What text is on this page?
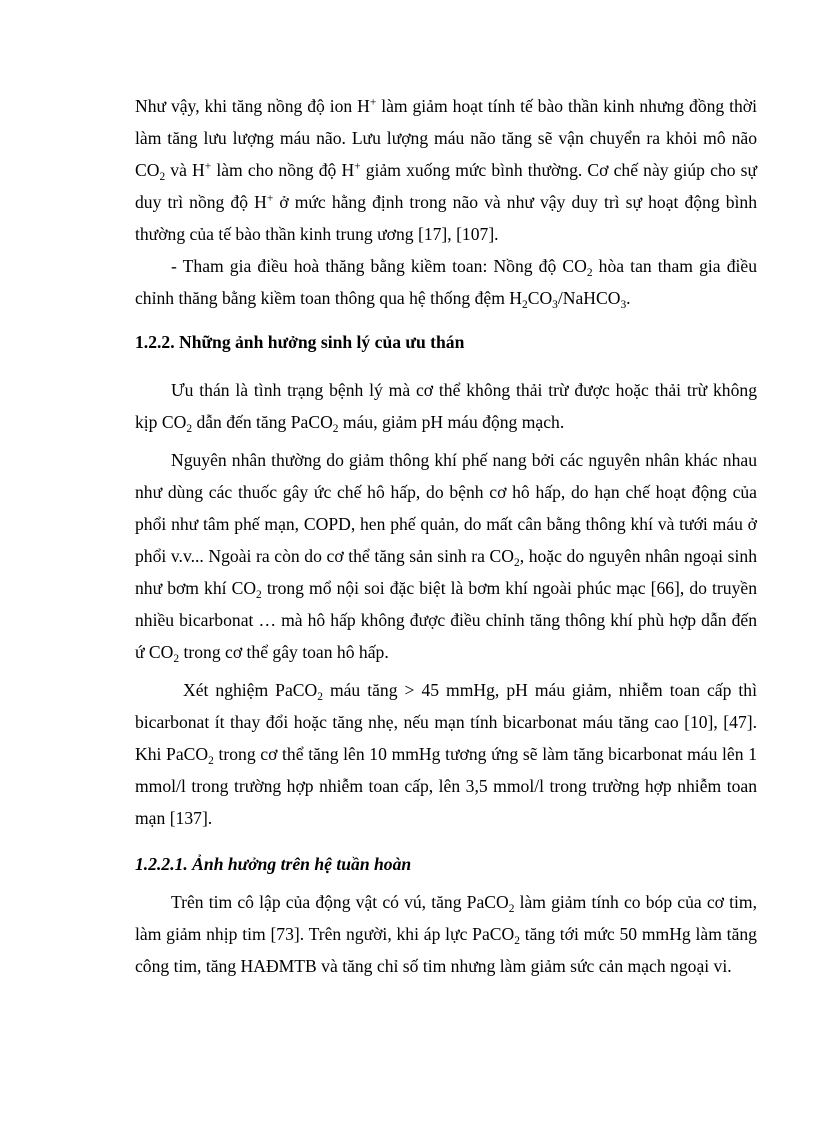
Như vậy, khi tăng nồng độ ion H+ làm giảm hoạt tính tế bào thần kinh nhưng đồng thời làm tăng lưu lượng máu não. Lưu lượng máu não tăng sẽ vận chuyển ra khỏi mô não $CO_2$ và H+ làm cho nồng độ H+ giảm xuống mức bình thường. Cơ chế này giúp cho sự duy trì nồng độ H+ ở mức hằng định trong não và như vậy duy trì sự hoạt động bình thường của tế bào thần kinh trung ương [17], [107].

- Tham gia điều hoà thăng bằng kiềm toan: Nồng độ $CO_2$ hòa tan tham gia điều chỉnh thăng bằng kiềm toan thông qua hệ thống đệm $H_2CO_3/NaHCO_3$.

1.2.2. Những ảnh hưởng sinh lý của ưu thán

Ưu thán là tình trạng bệnh lý mà cơ thể không thải trừ được hoặc thải trừ không kịp $CO_2$ dẫn đến tăng PaCO$_2$ máu, giảm pH máu động mạch.

Nguyên nhân thường do giảm thông khí phế nang bởi các nguyên nhân khác nhau như dùng các thuốc gây ức chế hô hấp, do bệnh cơ hô hấp, do hạn chế hoạt động của phổi như tâm phế mạn, COPD, hen phế quản, do mất cân bằng thông khí và tưới máu ở phổi v.v... Ngoài ra còn do cơ thể tăng sản sinh ra $CO_2$, hoặc do nguyên nhân ngoại sinh như bơm khí $CO_2$ trong mổ nội soi đặc biệt là bơm khí ngoài phúc mạc [66], do truyền nhiều bicarbonat … mà hô hấp không được điều chỉnh tăng thông khí phù hợp dẫn đến ứ $CO_2$ trong cơ thể gây toan hô hấp.

Xét nghiệm PaCO$_2$ máu tăng > 45 mmHg, pH máu giảm, nhiễm toan cấp thì bicarbonat ít thay đổi hoặc tăng nhẹ, nếu mạn tính bicarbonat máu tăng cao [10], [47]. Khi PaCO$_2$ trong cơ thể tăng lên 10 mmHg tương ứng sẽ làm tăng bicarbonat máu lên 1 mmol/l trong trường hợp nhiễm toan cấp, lên 3,5 mmol/l trong trường hợp nhiễm toan mạn [137].

1.2.2.1. Ảnh hưởng trên hệ tuần hoàn

Trên tim cô lập của động vật có vú, tăng PaCO$_2$ làm giảm tính co bóp của cơ tim, làm giảm nhịp tim [73]. Trên người, khi áp lực PaCO$_2$ tăng tới mức 50 mmHg làm tăng công tim, tăng HAĐMTB và tăng chỉ số tim nhưng làm giảm sức cản mạch ngoại vi.
